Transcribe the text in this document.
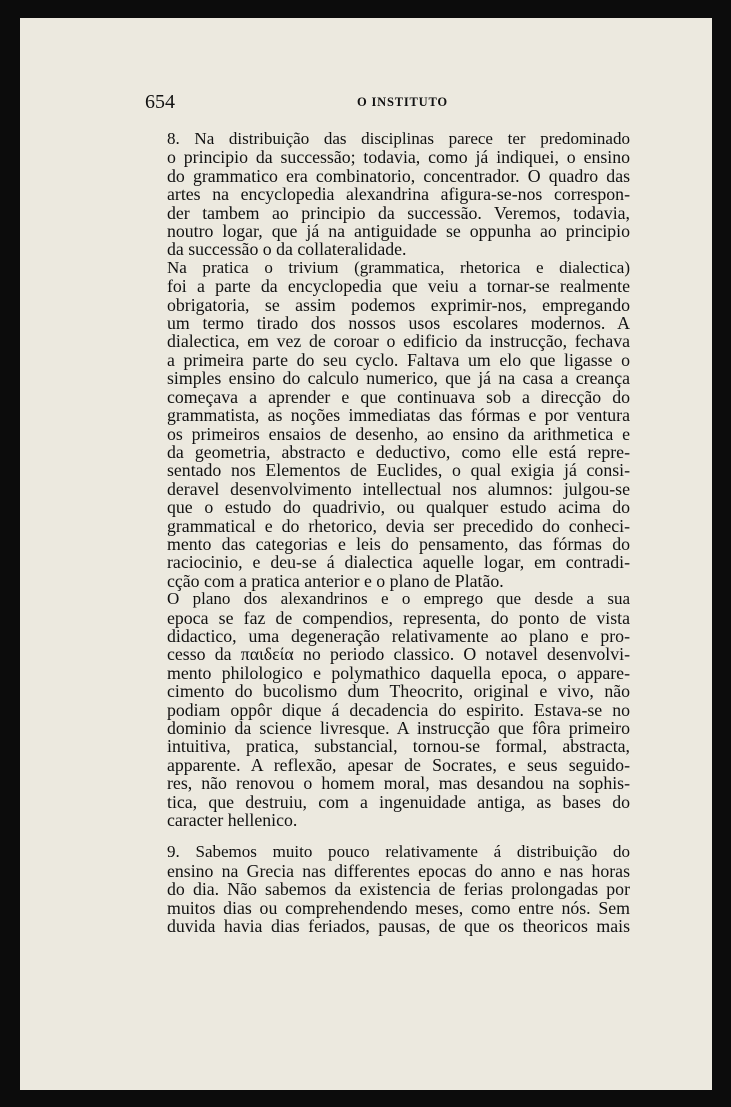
654	O INSTITUTO
8. Na distribuição das disciplinas parece ter predominado
o principio da successão; todavia, como já indiquei, o ensino
do grammatico era combinatorio, concentrador. O quadro das
artes na encyclopedia alexandrina afigura-se-nos correspon-
der tambem ao principio da successão. Veremos, todavia,
noutro logar, que já na antiguidade se oppunha ao principio
da successão o da collateralidade.
Na pratica o trivium (grammatica, rhetorica e dialectica)
foi a parte da encyclopedia que veiu a tornar-se realmente
obrigatoria, se assim podemos exprimir-nos, empregando
um termo tirado dos nossos usos escolares modernos. A
dialectica, em vez de coroar o edificio da instrucção, fechava
a primeira parte do seu cyclo. Faltava um elo que ligasse o
simples ensino do calculo numerico, que já na casa a creança
começava a aprender e que continuava sob a direcção do
grammatista, as noções immediatas das fórmas e por ventura
os primeiros ensaios de desenho, ao ensino da arithmetica e
da geometria, abstracto e deductivo, como elle está repre-
sentado nos Elementos de Euclides, o qual exigia já consi-
deravel desenvolvimento intellectual nos alumnos: julgou-se
que o estudo do quadrivio, ou qualquer estudo acima do
grammatical e do rhetorico, devia ser precedido do conheci-
mento das categorias e leis do pensamento, das fórmas do
raciocinio, e deu-se á dialectica aquelle logar, em contradi-
cção com a pratica anterior e o plano de Platão.
O plano dos alexandrinos e o emprego que desde a sua
epoca se faz de compendios, representa, do ponto de vista
didactico, uma degeneração relativamente ao plano e pro-
cesso da παιδεία no periodo classico. O notavel desenvolvi-
mento philologico e polymathico daquella epoca, o appare-
cimento do bucolismo dum Theocrito, original e vivo, não
podiam oppôr dique á decadencia do espirito. Estava-se no
dominio da science livresque. A instrucção que fôra primeiro
intuitiva, pratica, substancial, tornou-se formal, abstracta,
apparente. A reflexão, apesar de Socrates, e seus seguido-
res, não renovou o homem moral, mas desandou na sophis-
tica, que destruiu, com a ingenuidade antiga, as bases do
caracter hellenico.
9. Sabemos muito pouco relativamente á distribuição do
ensino na Grecia nas differentes epocas do anno e nas horas
do dia. Não sabemos da existencia de ferias prolongadas por
muitos dias ou comprehendendo meses, como entre nós. Sem
duvida havia dias feriados, pausas, de que os theoricos mais
